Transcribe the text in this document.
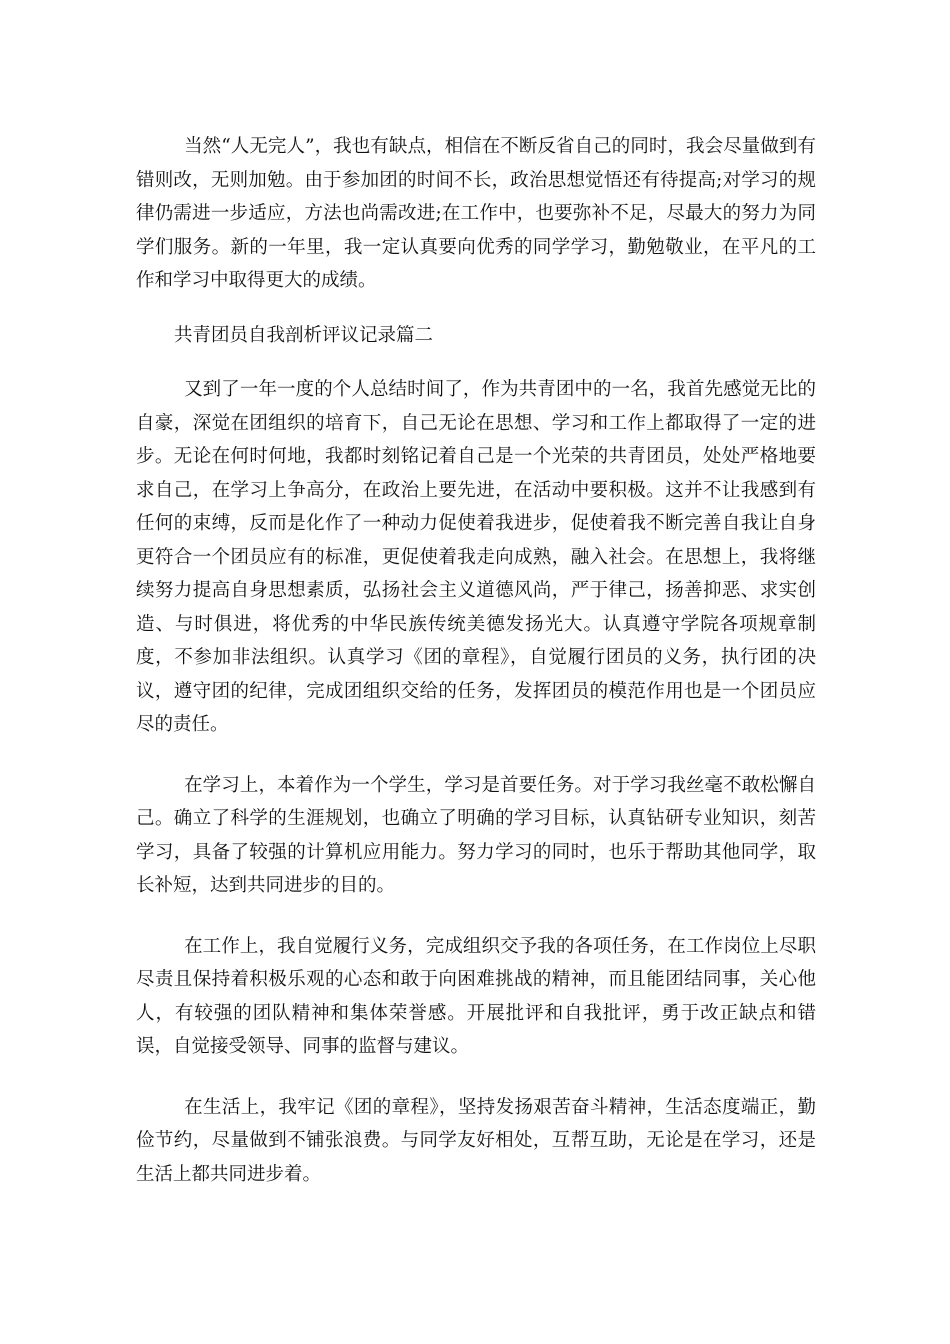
当然“人无完人”，我也有缺点，相信在不断反省自己的同时，我会尽量做到有错则改，无则加勉。由于参加团的时间不长，政治思想觉悟还有待提高;对学习的规律仍需进一步适应，方法也尚需改进;在工作中，也要弥补不足，尽最大的努力为同学们服务。新的一年里，我一定认真要向优秀的同学学习，勤勉敬业，在平凡的工作和学习中取得更大的成绩。

共青团员自我剖析评议记录篇二

又到了一年一度的个人总结时间了，作为共青团中的一名，我首先感觉无比的自豪，深觉在团组织的培育下，自己无论在思想、学习和工作上都取得了一定的进步。无论在何时何地，我都时刻铭记着自己是一个光荣的共青团员，处处严格地要求自己，在学习上争高分，在政治上要先进，在活动中要积极。这并不让我感到有任何的束缚，反而是化作了一种动力促使着我进步，促使着我不断完善自我让自身更符合一个团员应有的标准，更促使着我走向成熟，融入社会。在思想上，我将继续努力提高自身思想素质，弘扬社会主义道德风尚，严于律己，扬善抑恶、求实创造、与时俱进，将优秀的中华民族传统美德发扬光大。认真遵守学院各项规章制度，不参加非法组织。认真学习《团的章程》，自觉履行团员的义务，执行团的决议，遵守团的纪律，完成团组织交给的任务，发挥团员的模范作用也是一个团员应尽的责任。

在学习上，本着作为一个学生，学习是首要任务。对于学习我丝毫不敢松懈自己。确立了科学的生涯规划，也确立了明确的学习目标，认真钻研专业知识，刻苦学习，具备了较强的计算机应用能力。努力学习的同时，也乐于帮助其他同学，取长补短，达到共同进步的目的。

在工作上，我自觉履行义务，完成组织交予我的各项任务，在工作岗位上尽职尽责且保持着积极乐观的心态和敢于向困难挑战的精神，而且能团结同事，关心他人，有较强的团队精神和集体荣誉感。开展批评和自我批评，勇于改正缺点和错误，自觉接受领导、同事的监督与建议。

在生活上，我牢记《团的章程》，坚持发扬艰苦奋斗精神，生活态度端正，勤俭节约，尽量做到不铺张浪费。与同学友好相处，互帮互助，无论是在学习，还是生活上都共同进步着。
